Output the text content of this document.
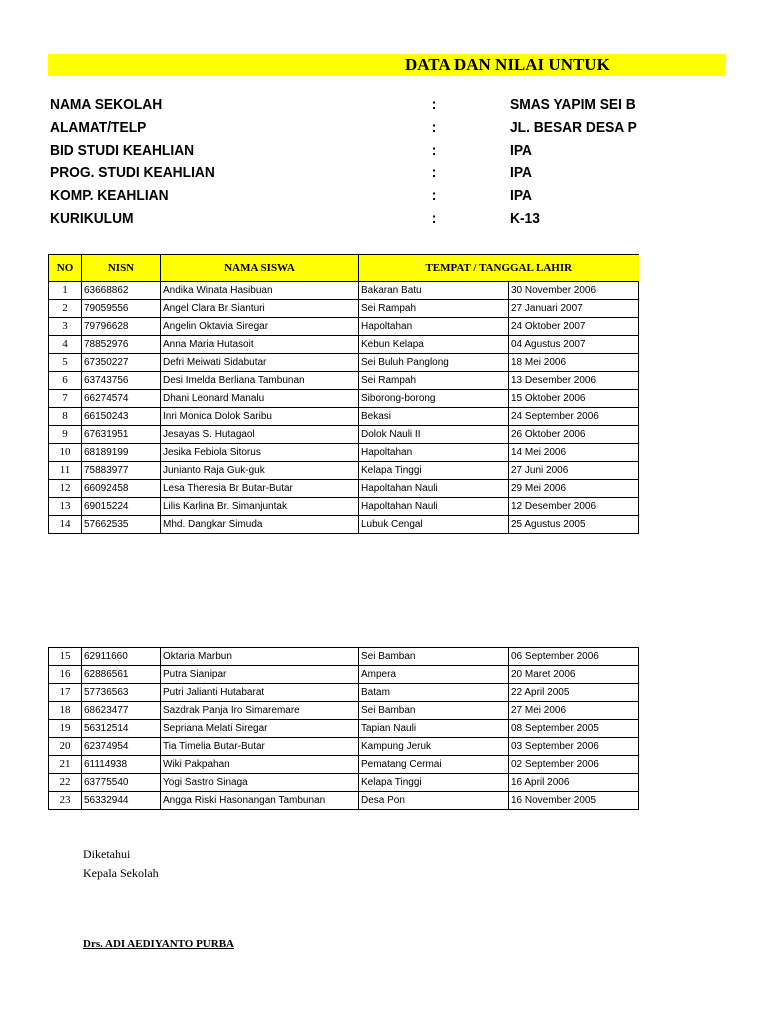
DATA DAN NILAI UNTUK
NAMA SEKOLAH	:	SMAS YAPIM SEI B
ALAMAT/TELP	:	JL. BESAR DESA P
BID STUDI KEAHLIAN	:	IPA
PROG. STUDI KEAHLIAN	:	IPA
KOMP. KEAHLIAN	:	IPA
KURIKULUM	:	K-13
NO	NISN	NAMA SISWA	TEMPAT / TANGGAL LAHIR	
1	63668862	Andika Winata Hasibuan	Bakaran Batu	30 November 2006
2	79059556	Angel Clara Br Sianturi	Sei Rampah	27 Januari 2007
3	79796628	Angelin Oktavia Siregar	Hapoltahan	24 Oktober 2007
4	78852976	Anna Maria Hutasoit	Kebun Kelapa	04 Agustus 2007
5	67350227	Defri Meiwati Sidabutar	Sei Buluh Panglong	18 Mei 2006
6	63743756	Desi Imelda Berliana Tambunan	Sei Rampah	13 Desember 2006
7	66274574	Dhani Leonard Manalu	Siborong-borong	15 Oktober 2006
8	66150243	Inri Monica Dolok Saribu	Bekasi	24 September 2006
9	67631951	Jesayas S. Hutagaol	Dolok Nauli II	26 Oktober 2006
10	68189199	Jesika Febiola Sitorus	Hapoltahan	14 Mei 2006
11	75883977	Junianto Raja Guk-guk	Kelapa Tinggi	27 Juni 2006
12	66092458	Lesa Theresia Br Butar-Butar	Hapoltahan Nauli	29 Mei 2006
13	69015224	Lilis Karlina Br. Simanjuntak	Hapoltahan Nauli	12 Desember 2006
14	57662535	Mhd. Dangkar Simuda	Lubuk Cengal	25 Agustus 2005
15	62911660	Oktaria Marbun	Sei Bamban	06 September 2006
16	62886561	Putra Sianipar	Ampera	20 Maret 2006
17	57736563	Putri Jalianti Hutabarat	Batam	22 April 2005
18	68623477	Sazdrak Panja Iro Simaremare	Sei Bamban	27 Mei 2006
19	56312514	Sepriana Melati Siregar	Tapian Nauli	08 September 2005
20	62374954	Tia Timelia Butar-Butar	Kampung Jeruk	03 September 2006
21	61114938	Wiki Pakpahan	Pematang Cermai	02 September 2006
22	63775540	Yogi Sastro Sinaga	Kelapa Tinggi	16 April 2006
23	56332944	Angga Riski Hasonangan Tambunan	Desa Pon	16 November 2005
Diketahui
Kepala Sekolah
Drs. ADI AEDIYANTO PURBA
